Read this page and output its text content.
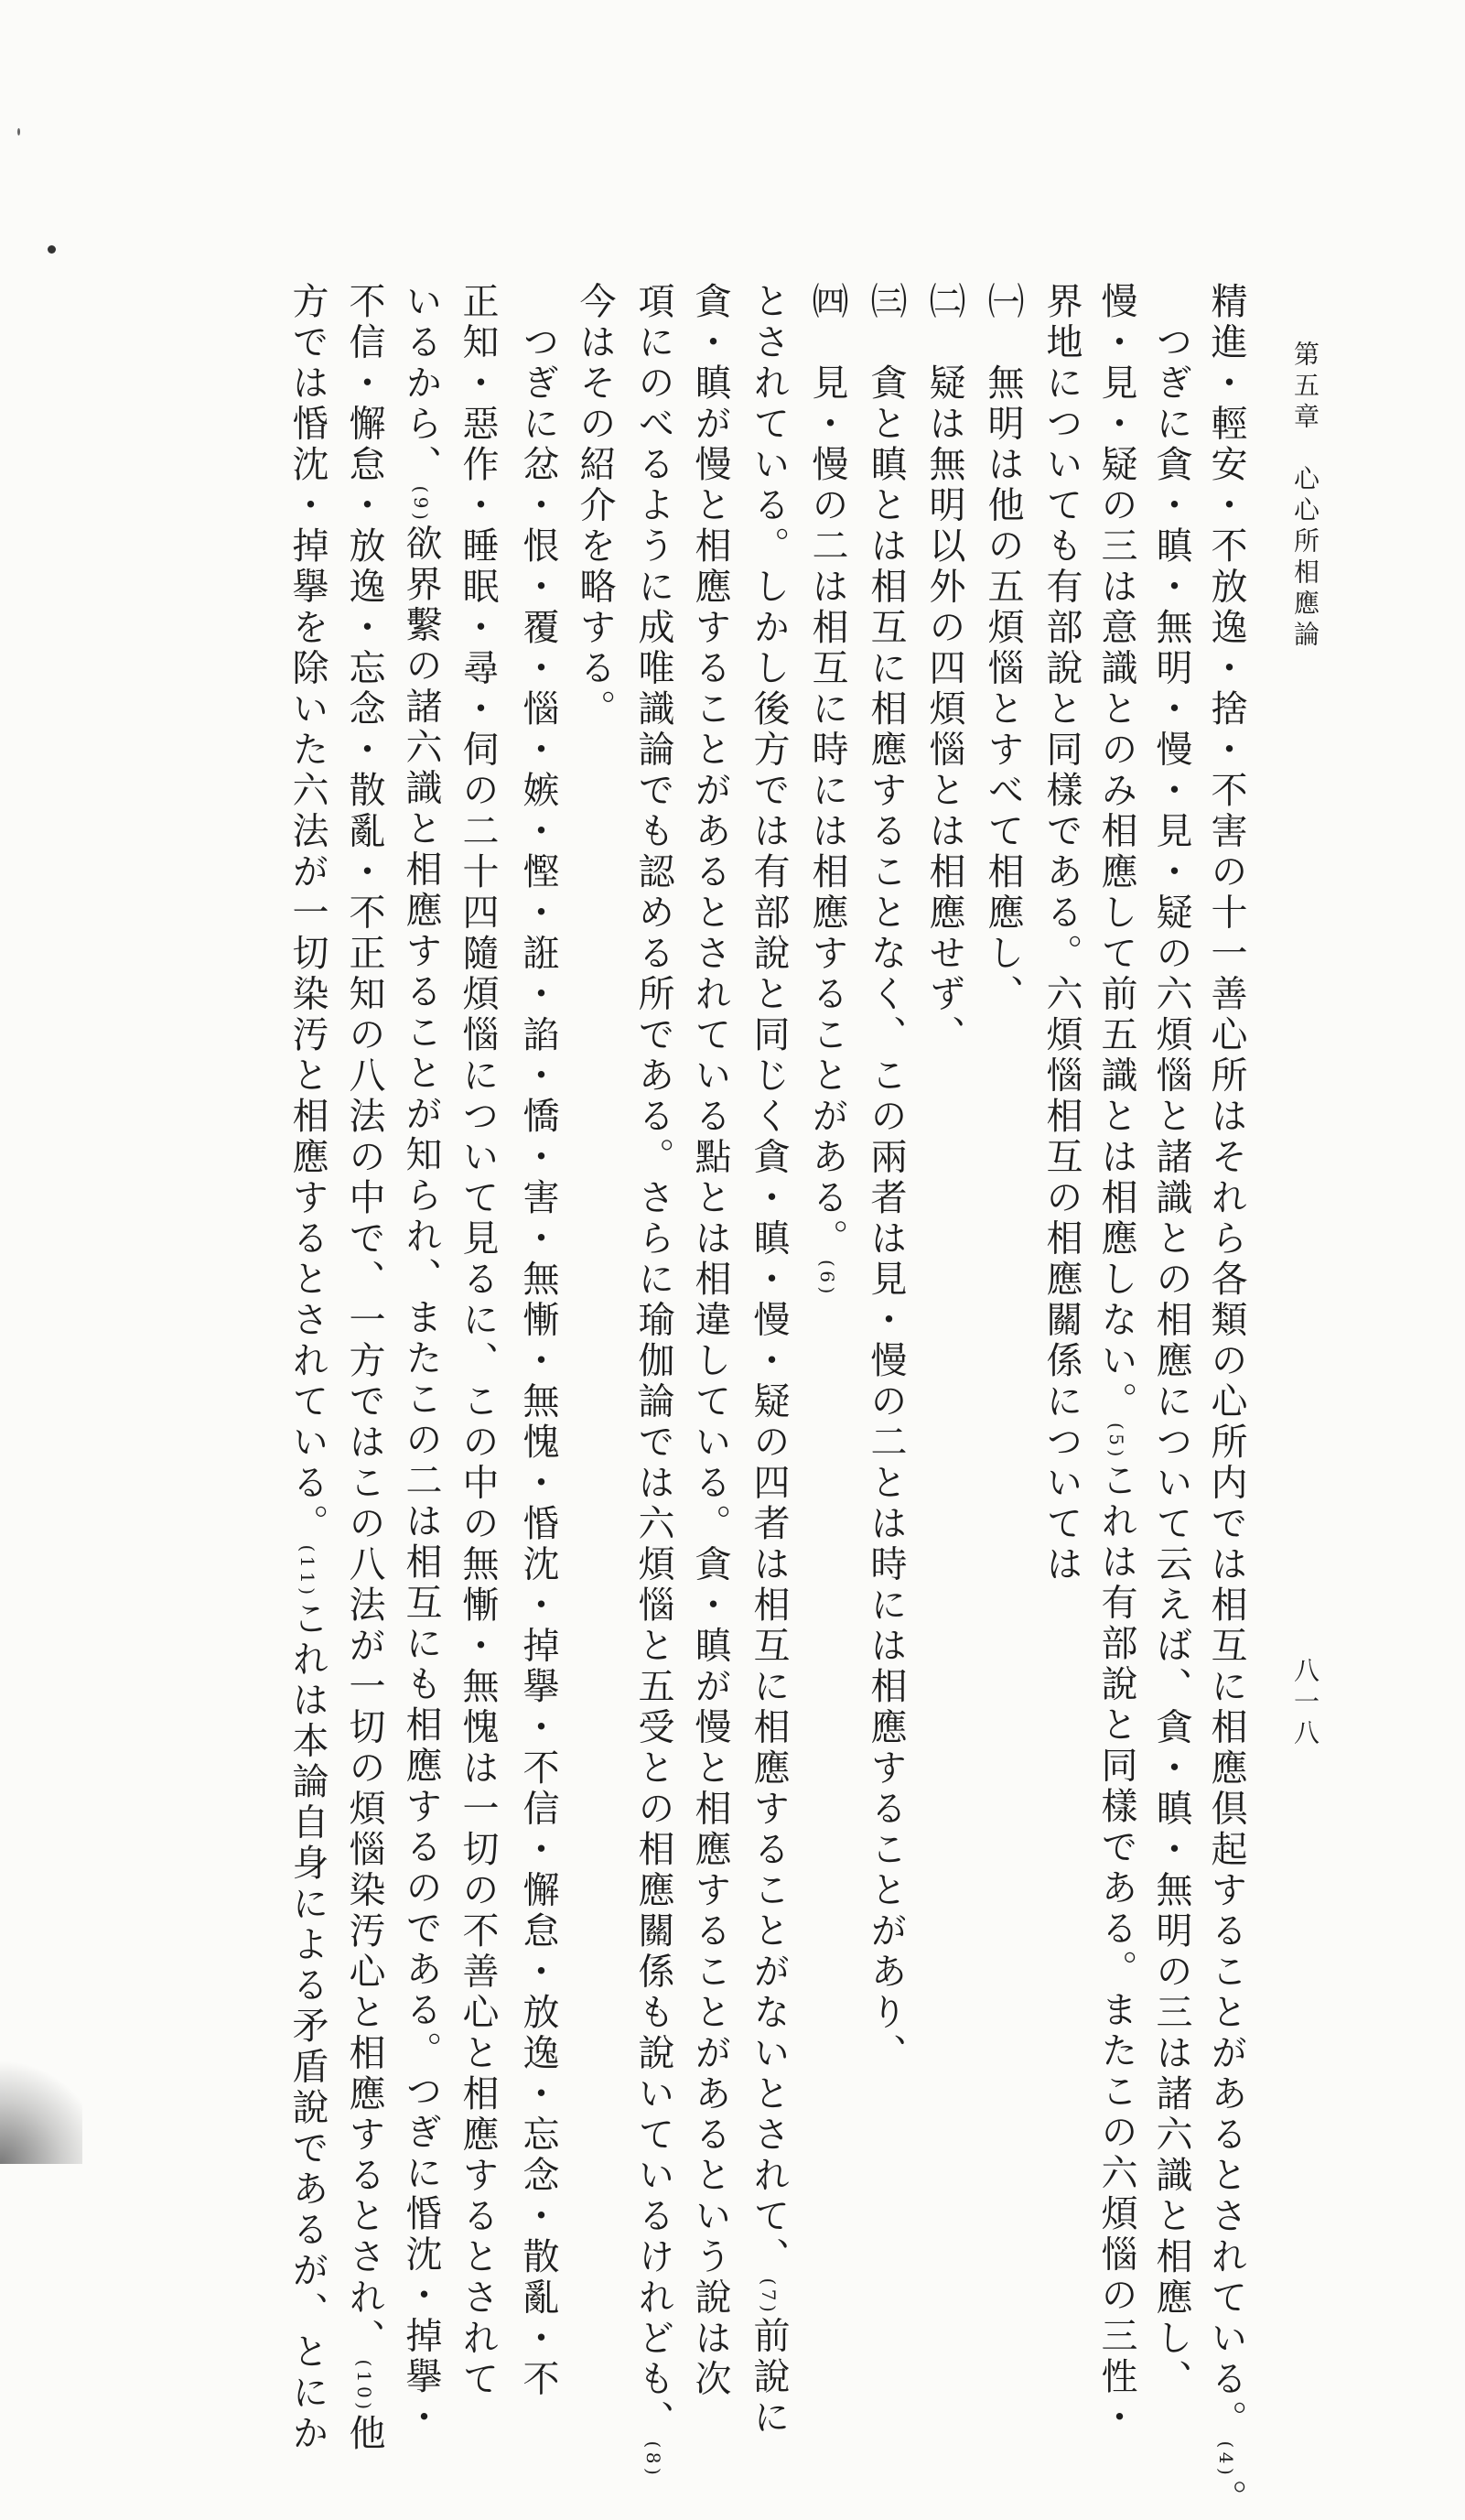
第五章　心心所相應論
八一八
精進・輕安・不放逸・捨・不害の十一善心所はそれら各類の心所内では相互に相應倶起することがあるとされている。(4)。
　つぎに貪・瞋・無明・慢・見・疑の六煩惱と諸識との相應について云えば、貪・瞋・無明の三は諸六識と相應し、
慢・見・疑の三は意識とのみ相應して前五識とは相應しない。(5)これは有部說と同樣である。またこの六煩惱の三性・
界地についても有部說と同樣である。六煩惱相互の相應關係については
㈠　無明は他の五煩惱とすべて相應し、
㈡　疑は無明以外の四煩惱とは相應せず、
㈢　貪と瞋とは相互に相應することなく、この兩者は見・慢の二とは時には相應することがあり、
㈣　見・慢の二は相互に時には相應することがある。(6)
とされている。しかし後方では有部說と同じく貪・瞋・慢・疑の四者は相互に相應することがないとされて、(7)前說に
貪・瞋が慢と相應することがあるとされている點とは相違している。貪・瞋が慢と相應することがあるという說は次
項にのべるように成唯識論でも認める所である。さらに瑜伽論では六煩惱と五受との相應關係も說いているけれども、(8)
今はその紹介を略する。
　つぎに忿・恨・覆・惱・嫉・慳・誑・諂・憍・害・無慚・無愧・惛沈・掉擧・不信・懈怠・放逸・忘念・散亂・不
正知・惡作・睡眠・尋・伺の二十四隨煩惱について見るに、この中の無慚・無愧は一切の不善心と相應するとされて
いるから、(9)欲界繫の諸六識と相應することが知られ、またこの二は相互にも相應するのである。つぎに惛沈・掉擧・
不信・懈怠・放逸・忘念・散亂・不正知の八法の中で、一方ではこの八法が一切の煩惱染汚心と相應するとされ、(10)他
方では惛沈・掉擧を除いた六法が一切染汚と相應するとされている。(11)これは本論自身による矛盾說であるが、とにか
